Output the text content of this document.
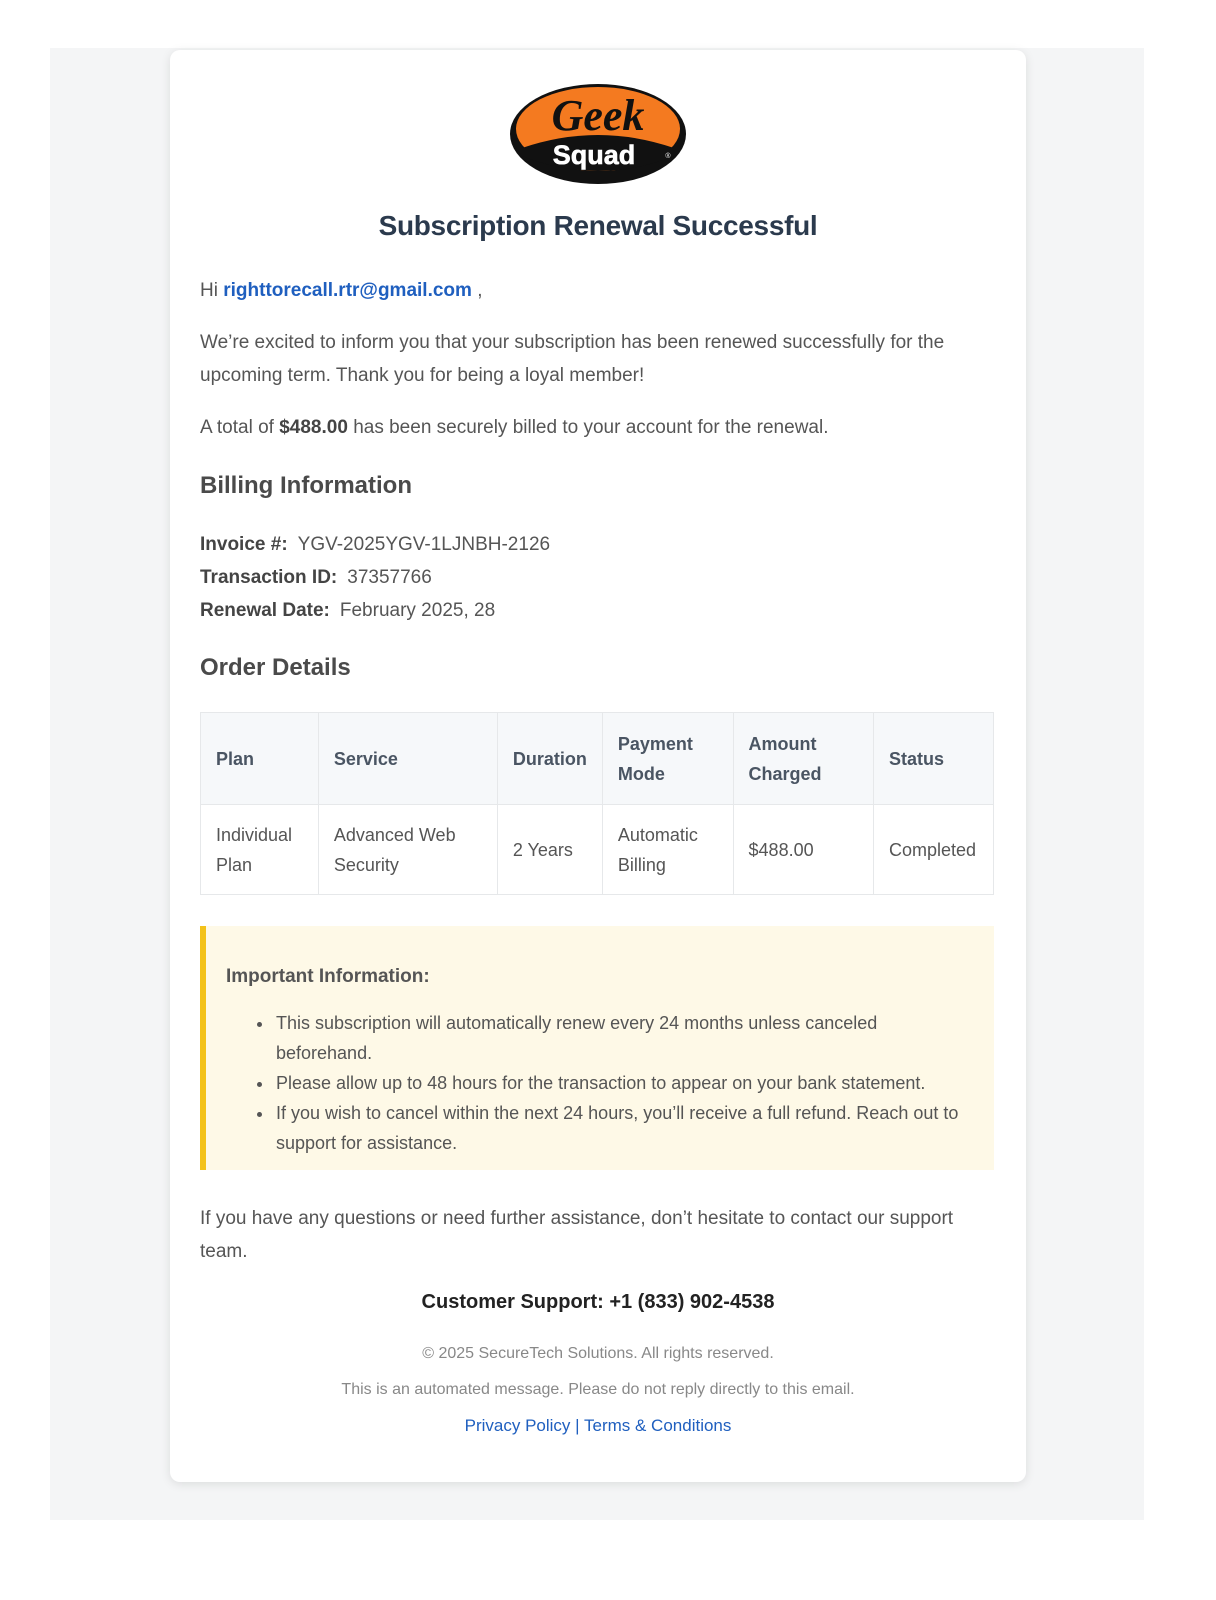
Geek
Squad	®
Subscription Renewal Successful
Hi righttorecall.rtr@gmail.com ,
We’re excited to inform you that your subscription has been renewed successfully for the upcoming term. Thank you for being a loyal member!
A total of $488.00 has been securely billed to your account for the renewal.
Billing Information
Invoice #: YGV-2025YGV-1LJNBH-2126
Transaction ID: 37357766
Renewal Date: February 2025, 28
Order Details
Plan	Service	Duration	Payment Mode	Amount Charged	Status
Individual Plan	Advanced Web Security	2 Years	Automatic Billing	$488.00	Completed
Important Information:
• This subscription will automatically renew every 24 months unless canceled beforehand.
• Please allow up to 48 hours for the transaction to appear on your bank statement.
• If you wish to cancel within the next 24 hours, you’ll receive a full refund. Reach out to support for assistance.
If you have any questions or need further assistance, don’t hesitate to contact our support team.
Customer Support: +1 (833) 902-4538
© 2025 SecureTech Solutions. All rights reserved.
This is an automated message. Please do not reply directly to this email.
Privacy Policy | Terms & Conditions
